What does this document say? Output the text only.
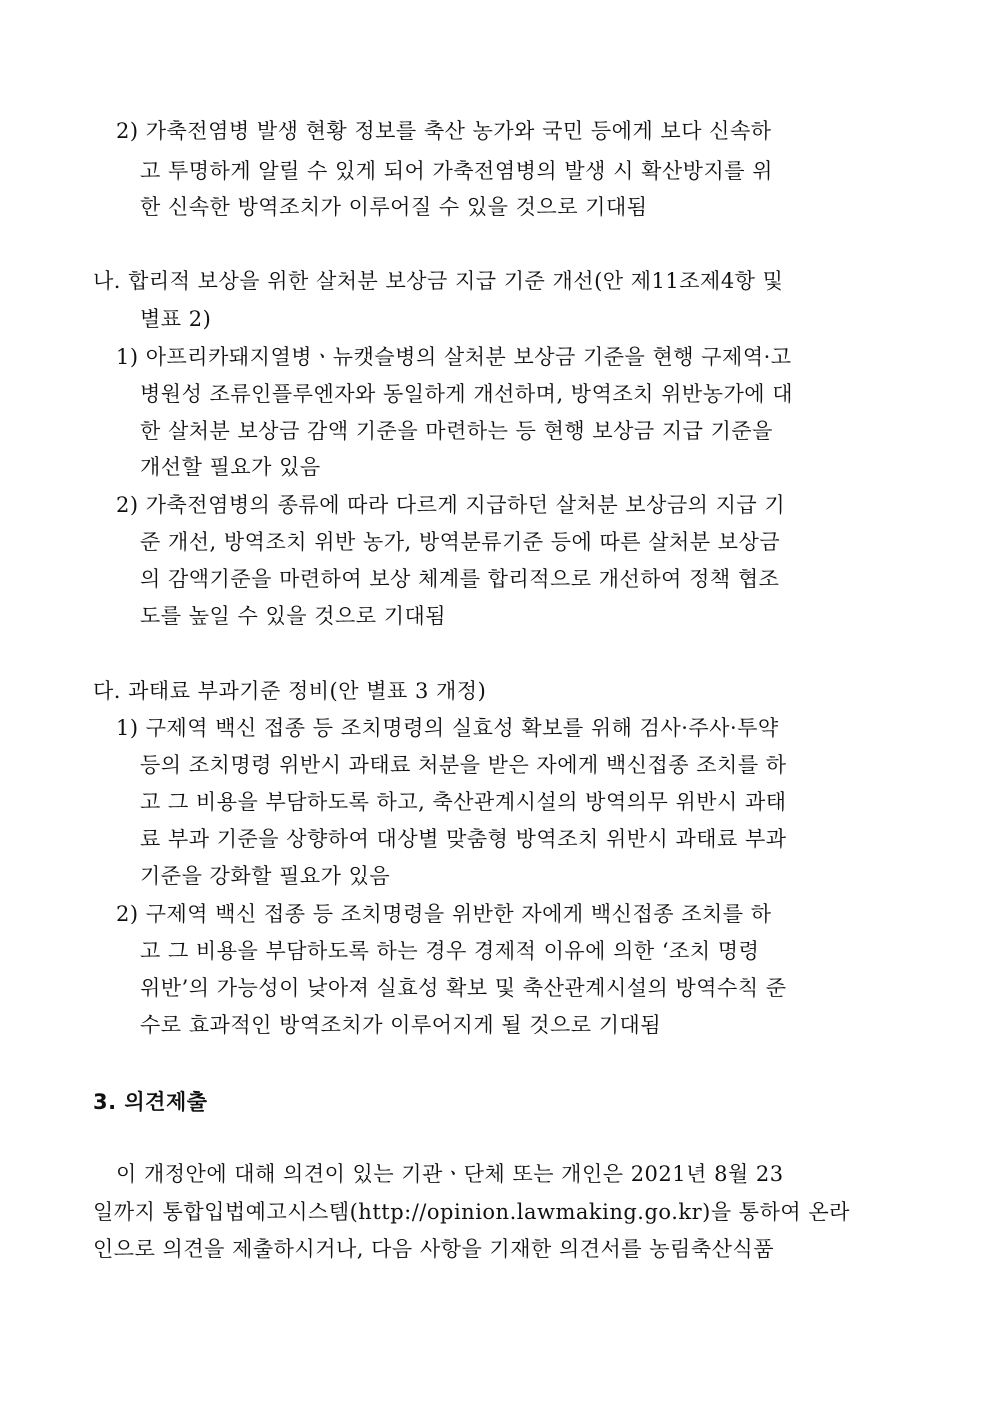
2) 가축전염병 발생 현황 정보를 축산 농가와 국민 등에게 보다 신속하
고 투명하게 알릴 수 있게 되어 가축전염병의 발생 시 확산방지를 위
한 신속한 방역조치가 이루어질 수 있을 것으로 기대됨
나. 합리적 보상을 위한 살처분 보상금 지급 기준 개선(안 제11조제4항 및
별표 2)
1) 아프리카돼지열병ㆍ뉴캣슬병의 살처분 보상금 기준을 현행 구제역·고
병원성 조류인플루엔자와 동일하게 개선하며, 방역조치 위반농가에 대
한 살처분 보상금 감액 기준을 마련하는 등 현행 보상금 지급 기준을
개선할 필요가 있음
2) 가축전염병의 종류에 따라 다르게 지급하던 살처분 보상금의 지급 기
준 개선, 방역조치 위반 농가, 방역분류기준 등에 따른 살처분 보상금
의 감액기준을 마련하여 보상 체계를 합리적으로 개선하여 정책 협조
도를 높일 수 있을 것으로 기대됨
다. 과태료 부과기준 정비(안 별표 3 개정)
1) 구제역 백신 접종 등 조치명령의 실효성 확보를 위해 검사·주사·투약
등의 조치명령 위반시 과태료 처분을 받은 자에게 백신접종 조치를 하
고 그 비용을 부담하도록 하고, 축산관계시설의 방역의무 위반시 과태
료 부과 기준을 상향하여 대상별 맞춤형 방역조치 위반시 과태료 부과
기준을 강화할 필요가 있음
2) 구제역 백신 접종 등 조치명령을 위반한 자에게 백신접종 조치를 하
고 그 비용을 부담하도록 하는 경우 경제적 이유에 의한 ‘조치 명령
위반’의 가능성이 낮아져 실효성 확보 및 축산관계시설의 방역수칙 준
수로 효과적인 방역조치가 이루어지게 될 것으로 기대됨
3. 의견제출
이 개정안에 대해 의견이 있는 기관ㆍ단체 또는 개인은 2021년 8월 23
일까지 통합입법예고시스템(http://opinion.lawmaking.go.kr)을 통하여 온라
인으로 의견을 제출하시거나, 다음 사항을 기재한 의견서를 농림축산식품
